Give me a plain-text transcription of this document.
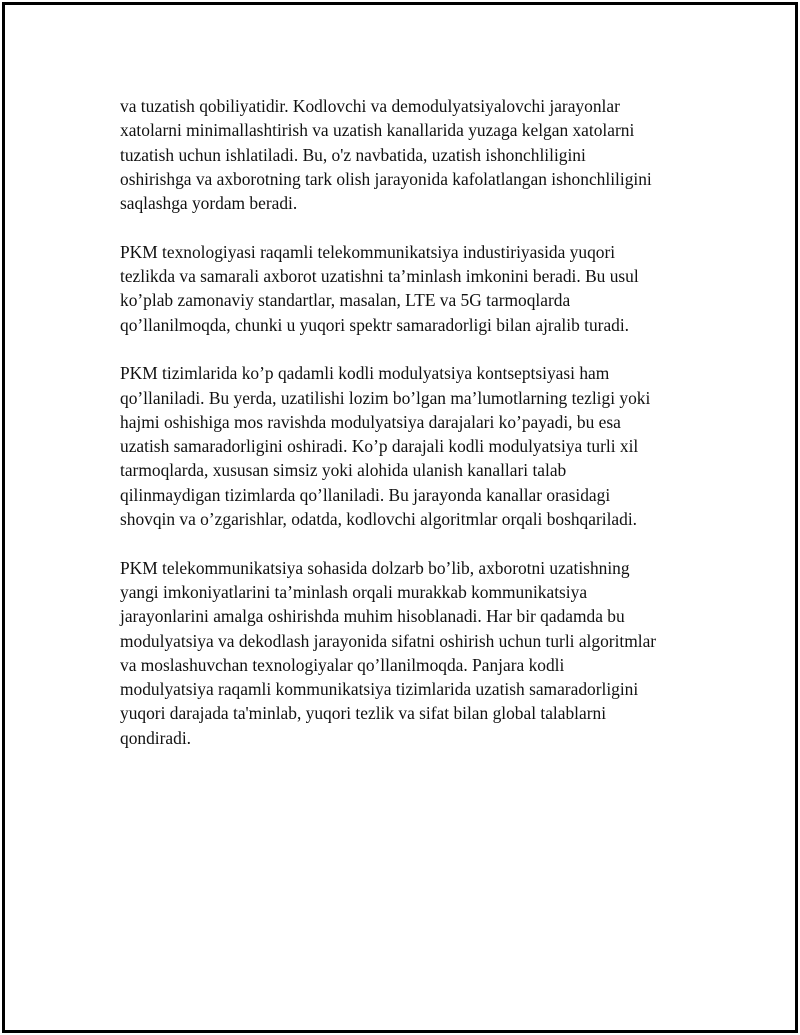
va tuzatish qobiliyatidir. Kodlovchi va demodulyatsiyalovchi jarayonlar
xatolarni minimallashtirish va uzatish kanallarida yuzaga kelgan xatolarni
tuzatish uchun ishlatiladi. Bu, o'z navbatida, uzatish ishonchliligini
oshirishga va axborotning tark olish jarayonida kafolatlangan ishonchliligini
saqlashga yordam beradi.

PKM texnologiyasi raqamli telekommunikatsiya industiriyasida yuqori
tezlikda va samarali axborot uzatishni ta’minlash imkonini beradi. Bu usul
ko’plab zamonaviy standartlar, masalan, LTE va 5G tarmoqlarda
qo’llanilmoqda, chunki u yuqori spektr samaradorligi bilan ajralib turadi.

PKM tizimlarida ko’p qadamli kodli modulyatsiya kontseptsiyasi ham
qo’llaniladi. Bu yerda, uzatilishi lozim bo’lgan ma’lumotlarning tezligi yoki
hajmi oshishiga mos ravishda modulyatsiya darajalari ko’payadi, bu esa
uzatish samaradorligini oshiradi. Ko’p darajali kodli modulyatsiya turli xil
tarmoqlarda, xususan simsiz yoki alohida ulanish kanallari talab
qilinmaydigan tizimlarda qo’llaniladi. Bu jarayonda kanallar orasidagi
shovqin va o’zgarishlar, odatda, kodlovchi algoritmlar orqali boshqariladi.

PKM telekommunikatsiya sohasida dolzarb bo’lib, axborotni uzatishning
yangi imkoniyatlarini ta’minlash orqali murakkab kommunikatsiya
jarayonlarini amalga oshirishda muhim hisoblanadi. Har bir qadamda bu
modulyatsiya va dekodlash jarayonida sifatni oshirish uchun turli algoritmlar
va moslashuvchan texnologiyalar qo’llanilmoqda. Panjara kodli
modulyatsiya raqamli kommunikatsiya tizimlarida uzatish samaradorligini
yuqori darajada ta'minlab, yuqori tezlik va sifat bilan global talablarni
qondiradi.
